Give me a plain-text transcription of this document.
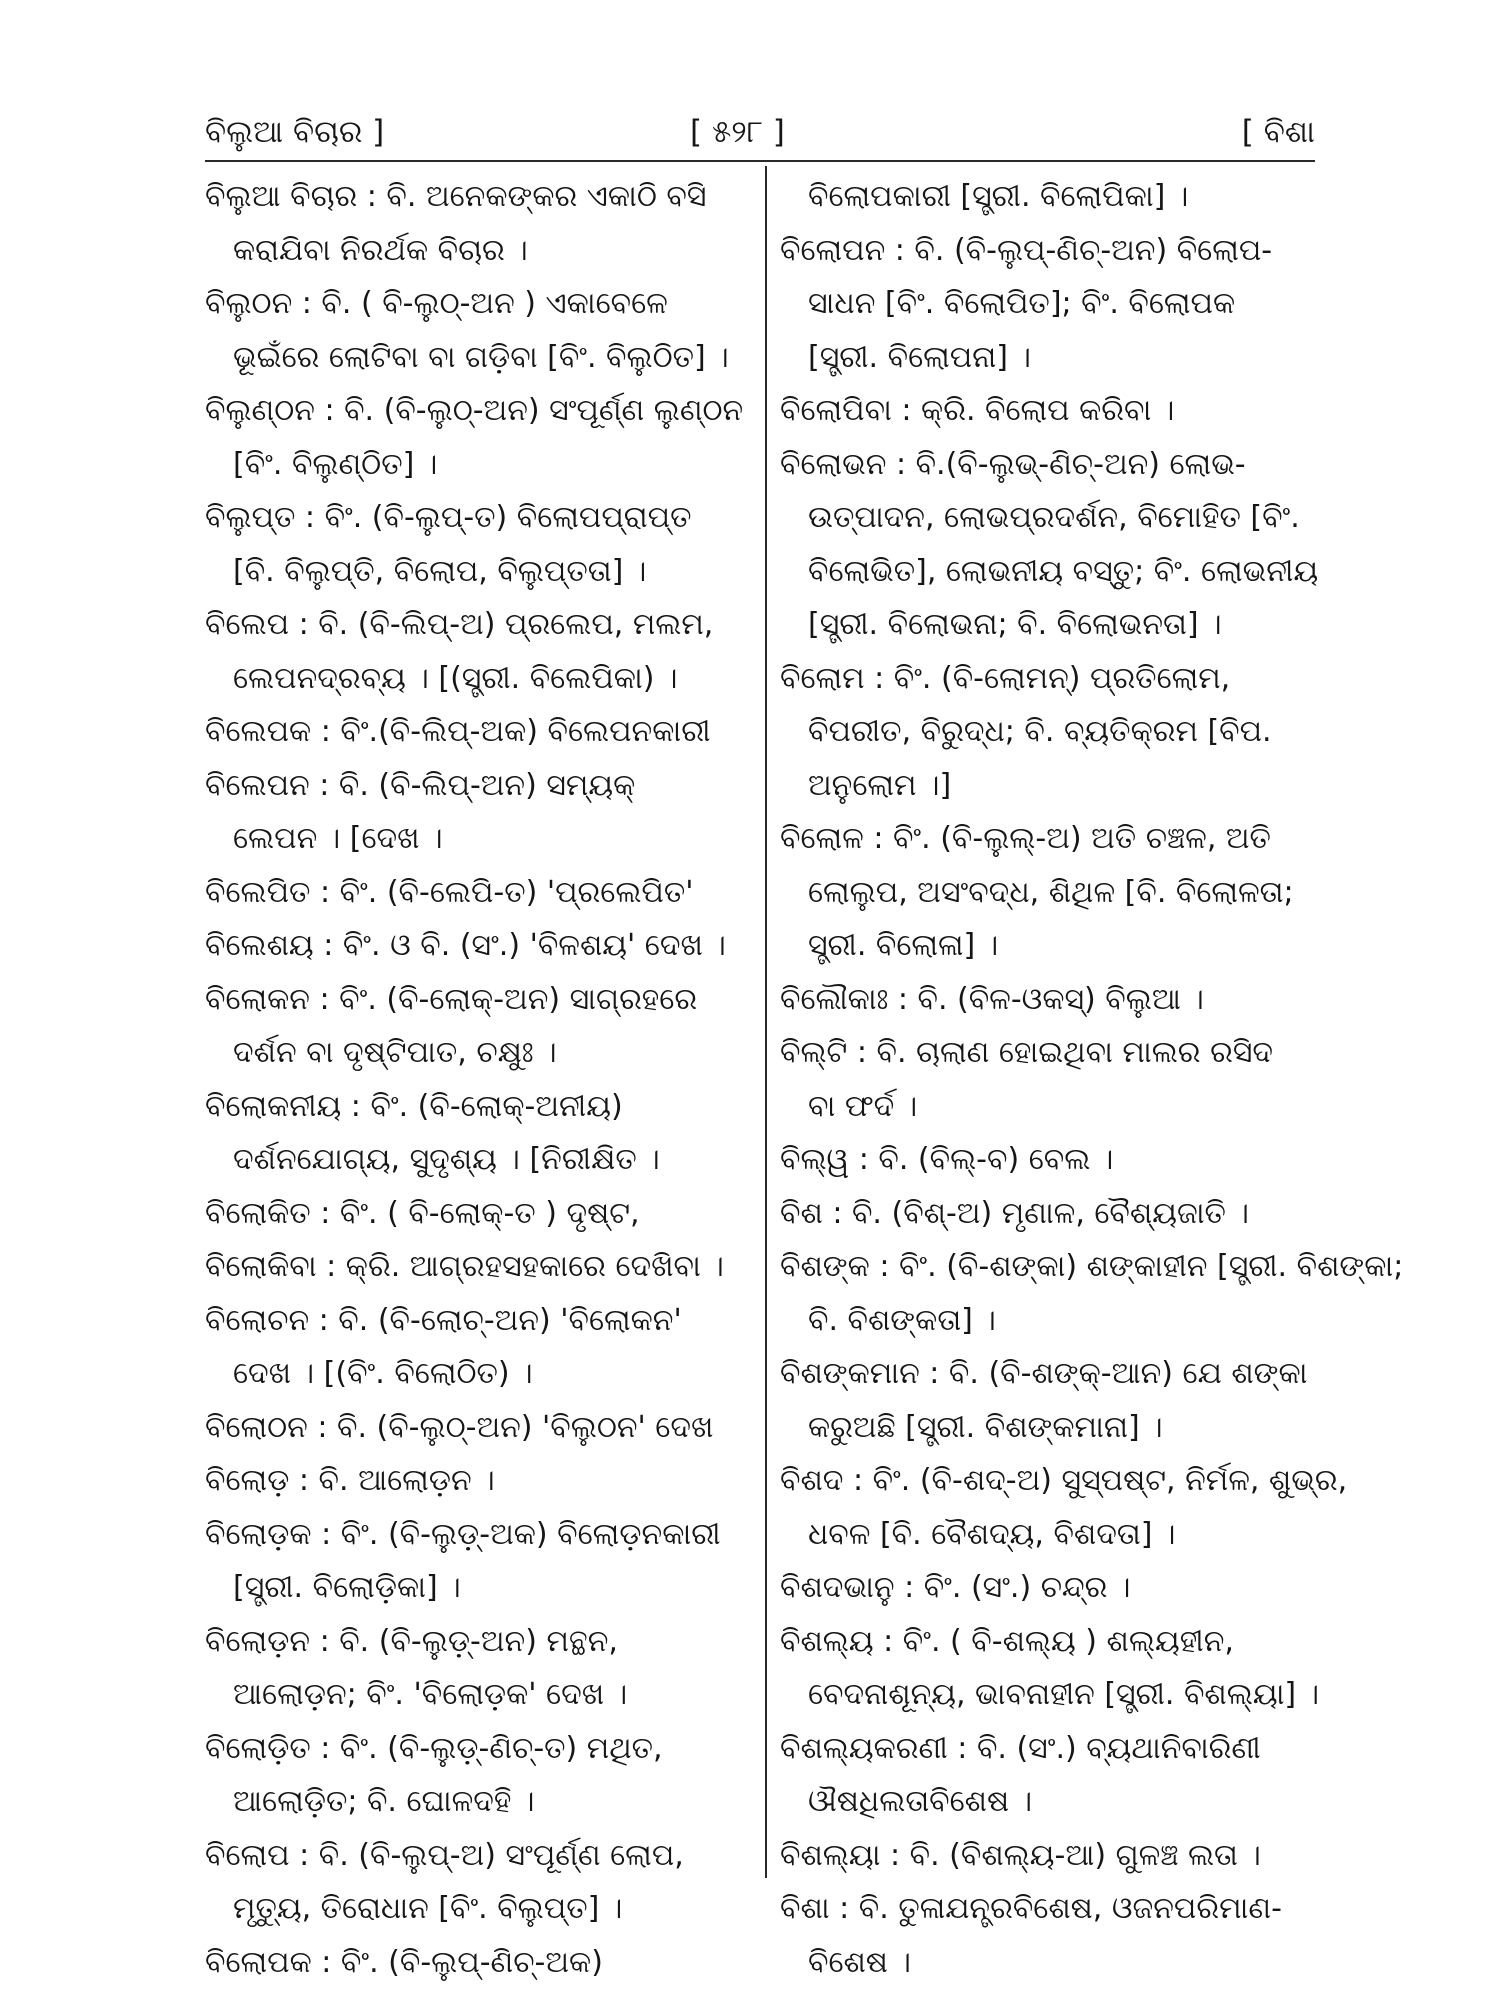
ବିଲୁଆ ବିଚାର ]	[ ୫୨୮ ]	[ ବିଶା
ବିଲୁଆ ବିଚାର : ବି. ଅନେକଙ୍କର ଏକାଠି ବସି
କରାଯିବା ନିରର୍ଥକ ବିଚାର ।
ବିଲୁଠନ : ବି. ( ବି-ଲୁଠ୍-ଅନ ) ଏକାବେଳେ
ଭୂଇଁରେ ଲୋଟିବା ବା ଗଡ଼ିବା [ବିଂ. ବିଲୁଠିତ] ।
ବିଲୁଣ୍ଠନ : ବି. (ବି-ଲୁଠ୍-ଅନ) ସଂପୂର୍ଣ୍ଣ ଲୁଣ୍ଠନ
[ବିଂ. ବିଲୁଣ୍ଠିତ] ।
ବିଲୁପ୍ତ : ବିଂ. (ବି-ଲୁପ୍-ତ) ବିଲୋପପ୍ରାପ୍ତ
[ବି. ବିଲୁପ୍ତି, ବିଲୋପ, ବିଲୁପ୍ତତା] ।
ବିଲେପ : ବି. (ବି-ଲିପ୍-ଅ) ପ୍ରଲେପ, ମଲମ,
ଲେପନଦ୍ରବ୍ୟ । [(ସ୍ତ୍ରୀ. ବିଲେପିକା) ।
ବିଲେପକ : ବିଂ.(ବି-ଲିପ୍-ଅକ) ବିଲେପନକାରୀ
ବିଲେପନ : ବି. (ବି-ଲିପ୍-ଅନ) ସମ୍ୟକ୍
ଲେପନ । [ଦେଖ ।
ବିଲେପିତ : ବିଂ. (ବି-ଲେପି-ତ) 'ପ୍ରଲେପିତ'
ବିଲେଶୟ : ବିଂ. ଓ ବି. (ସଂ.) 'ବିଳଶୟ' ଦେଖ ।
ବିଲୋକନ : ବିଂ. (ବି-ଲୋକ୍-ଅନ) ସାଗ୍ରହରେ
ଦର୍ଶନ ବା ଦୃଷ୍ଟିପାତ, ଚକ୍ଷୁଃ ।
ବିଲୋକନୀୟ : ବିଂ. (ବି-ଲୋକ୍-ଅନୀୟ)
ଦର୍ଶନଯୋଗ୍ୟ, ସୁଦୃଶ୍ୟ । [ନିରୀକ୍ଷିତ ।
ବିଲୋକିତ : ବିଂ. ( ବି-ଲୋକ୍-ତ ) ଦୃଷ୍ଟ,
ବିଲୋକିବା : କ୍ରି. ଆଗ୍ରହସହକାରେ ଦେଖିବା ।
ବିଲୋଚନ : ବି. (ବି-ଲୋଚ୍-ଅନ) 'ବିଲୋକନ'
ଦେଖ । [(ବିଂ. ବିଲୋଠିତ) ।
ବିଲୋଠନ : ବି. (ବି-ଲୁଠ୍-ଅନ) 'ବିଲୁଠନ' ଦେଖ
ବିଲୋଡ଼ : ବି. ଆଲୋଡ଼ନ ।
ବିଲୋଡ଼କ : ବିଂ. (ବି-ଲୁଡ଼୍-ଅକ) ବିଲୋଡ଼ନକାରୀ
[ସ୍ତ୍ରୀ. ବିଲୋଡ଼ିକା] ।
ବିଲୋଡ଼ନ : ବି. (ବି-ଲୁଡ଼୍-ଅନ) ମନ୍ଥନ,
ଆଲୋଡ଼ନ; ବିଂ. 'ବିଲୋଡ଼କ' ଦେଖ ।
ବିଲୋଡ଼ିତ : ବିଂ. (ବି-ଲୁଡ଼୍-ଣିଚ୍-ତ) ମଥିତ,
ଆଲୋଡ଼ିତ; ବି. ଘୋଳଦହି ।
ବିଲୋପ : ବି. (ବି-ଲୁପ୍-ଅ) ସଂପୂର୍ଣ୍ଣ ଲୋପ,
ମୃତ୍ୟୁ, ତିରୋଧାନ [ବିଂ. ବିଲୁପ୍ତ] ।
ବିଲୋପକ : ବିଂ. (ବି-ଲୁପ୍-ଣିଚ୍-ଅକ)
ବିଲୋପକାରୀ [ସ୍ତ୍ରୀ. ବିଲୋପିକା] ।
ବିଲୋପନ : ବି. (ବି-ଲୁପ୍-ଣିଚ୍-ଅନ) ବିଲୋପ-
ସାଧନ [ବିଂ. ବିଲୋପିତ]; ବିଂ. ବିଲୋପକ
[ସ୍ତ୍ରୀ. ବିଲୋପନା] ।
ବିଲୋପିବା : କ୍ରି. ବିଲୋପ କରିବା ।
ବିଲୋଭନ : ବି.(ବି-ଲୁଭ୍-ଣିଚ୍-ଅନ) ଲୋଭ-
ଉତ୍ପାଦନ, ଲୋଭପ୍ରଦର୍ଶନ, ବିମୋହିତ [ବିଂ.
ବିଲୋଭିତ], ଲୋଭନୀୟ ବସ୍ତୁ; ବିଂ. ଲୋଭନୀୟ
[ସ୍ତ୍ରୀ. ବିଲୋଭନା; ବି. ବିଲୋଭନତା] ।
ବିଲୋମ : ବିଂ. (ବି-ଲୋମନ୍) ପ୍ରତିଲୋମ,
ବିପରୀତ, ବିରୁଦ୍ଧ; ବି. ବ୍ୟତିକ୍ରମ [ବିପ.
ଅନୁଲୋମ ।]
ବିଲୋଳ : ବିଂ. (ବି-ଲୁଲ୍-ଅ) ଅତି ଚଞ୍ଚଳ, ଅତି
ଲୋଲୁପ, ଅସଂବଦ୍ଧ, ଶିଥିଳ [ବି. ବିଲୋଳତା;
ସ୍ତ୍ରୀ. ବିଲୋଳା] ।
ବିଲୌକାଃ : ବି. (ବିଳ-ଓକସ୍) ବିଲୁଆ ।
ବିଲ୍‌ଟି : ବି. ଚାଲାଣ ହୋଇଥିବା ମାଲର ରସିଦ
ବା ଫର୍ଦ ।
ବିଲ୍ୱ : ବି. (ବିଲ୍-ବ) ବେଲ ।
ବିଶ : ବି. (ବିଶ୍-ଅ) ମୃଣାଳ, ବୈଶ୍ୟଜାତି ।
ବିଶଙ୍କ : ବିଂ. (ବି-ଶଙ୍କା) ଶଙ୍କାହୀନ [ସ୍ତ୍ରୀ. ବିଶଙ୍କା;
ବି. ବିଶଙ୍କତା] ।
ବିଶଙ୍କମାନ : ବି. (ବି-ଶଙ୍କ୍-ଆନ) ଯେ ଶଙ୍କା
କରୁଅଛି [ସ୍ତ୍ରୀ. ବିଶଙ୍କମାନା] ।
ବିଶଦ : ବିଂ. (ବି-ଶଦ୍-ଅ) ସୁସ୍ପଷ୍ଟ, ନିର୍ମଳ, ଶୁଭ୍ର,
ଧବଳ [ବି. ବୈଶଦ୍ୟ, ବିଶଦତା] ।
ବିଶଦଭାନୁ : ବିଂ. (ସଂ.) ଚନ୍ଦ୍ର ।
ବିଶଲ୍ୟ : ବିଂ. ( ବି-ଶଲ୍ୟ ) ଶଲ୍ୟହୀନ,
ବେଦନାଶୂନ୍ୟ, ଭାବନାହୀନ [ସ୍ତ୍ରୀ. ବିଶଲ୍ୟା] ।
ବିଶଲ୍ୟକରଣୀ : ବି. (ସଂ.) ବ୍ୟଥାନିବାରିଣୀ
ଔଷଧିଲତାବିଶେଷ ।
ବିଶଲ୍ୟା : ବି. (ବିଶଲ୍ୟ-ଆ) ଗୁଳଞ୍ଚ ଲତା ।
ବିଶା : ବି. ତୁଳାଯନ୍ତ୍ରବିଶେଷ, ଓଜନପରିମାଣ-
ବିଶେଷ ।
